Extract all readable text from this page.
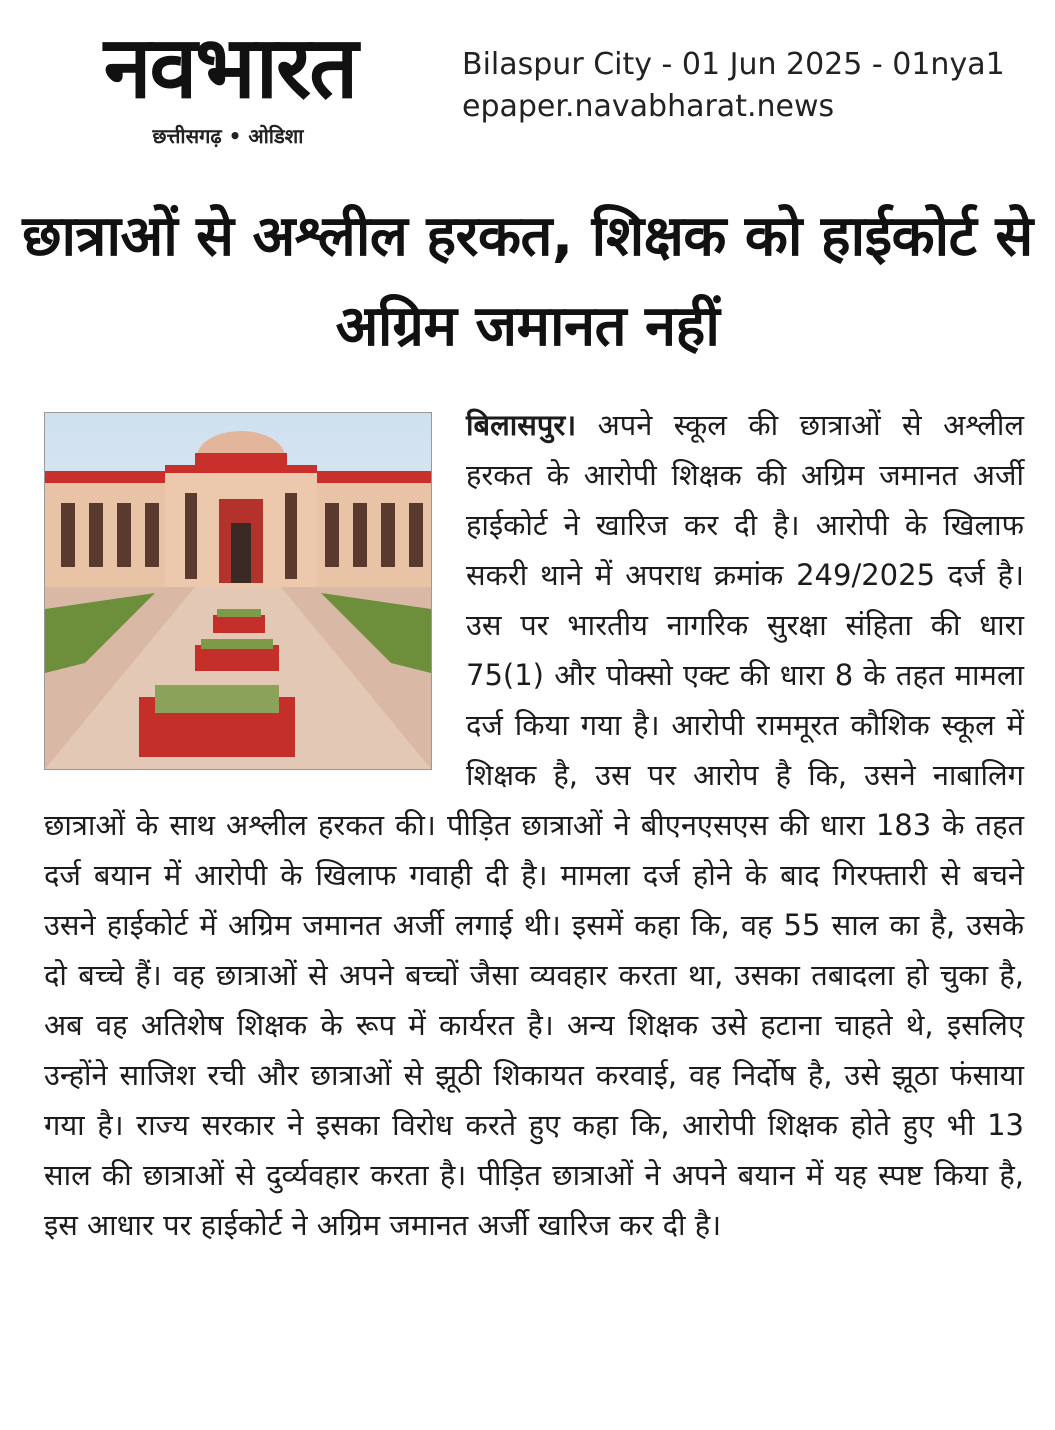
नवभारत
छत्तीसगढ़ • ओडिशा
Bilaspur City - 01 Jun 2025 - 01nya1
epaper.navabharat.news
छात्राओं से अश्लील हरकत, शिक्षक को हाईकोर्ट से अग्रिम जमानत नहीं
बिलासपुर। अपने स्कूल की छात्राओं से अश्लील हरकत के आरोपी शिक्षक की अग्रिम जमानत अर्जी हाईकोर्ट ने खारिज कर दी है। आरोपी के खिलाफ सकरी थाने में अपराध क्रमांक 249/2025 दर्ज है। उस पर भारतीय नागरिक सुरक्षा संहिता की धारा 75(1) और पोक्सो एक्ट की धारा 8 के तहत मामला दर्ज किया गया है। आरोपी राममूरत कौशिक स्कूल में शिक्षक है, उस पर आरोप है कि, उसने नाबालिग छात्राओं के साथ अश्लील हरकत की। पीड़ित छात्राओं ने बीएनएसएस की धारा 183 के तहत दर्ज बयान में आरोपी के खिलाफ गवाही दी है। मामला दर्ज होने के बाद गिरफ्तारी से बचने उसने हाईकोर्ट में अग्रिम जमानत अर्जी लगाई थी। इसमें कहा कि, वह 55 साल का है, उसके दो बच्चे हैं। वह छात्राओं से अपने बच्चों जैसा व्यवहार करता था, उसका तबादला हो चुका है, अब वह अतिशेष शिक्षक के रूप में कार्यरत है। अन्य शिक्षक उसे हटाना चाहते थे, इसलिए उन्होंने साजिश रची और छात्राओं से झूठी शिकायत करवाई, वह निर्दोष है, उसे झूठा फंसाया गया है। राज्य सरकार ने इसका विरोध करते हुए कहा कि, आरोपी शिक्षक होते हुए भी 13 साल की छात्राओं से दुर्व्यवहार करता है। पीड़ित छात्राओं ने अपने बयान में यह स्पष्ट किया है, इस आधार पर हाईकोर्ट ने अग्रिम जमानत अर्जी खारिज कर दी है।
